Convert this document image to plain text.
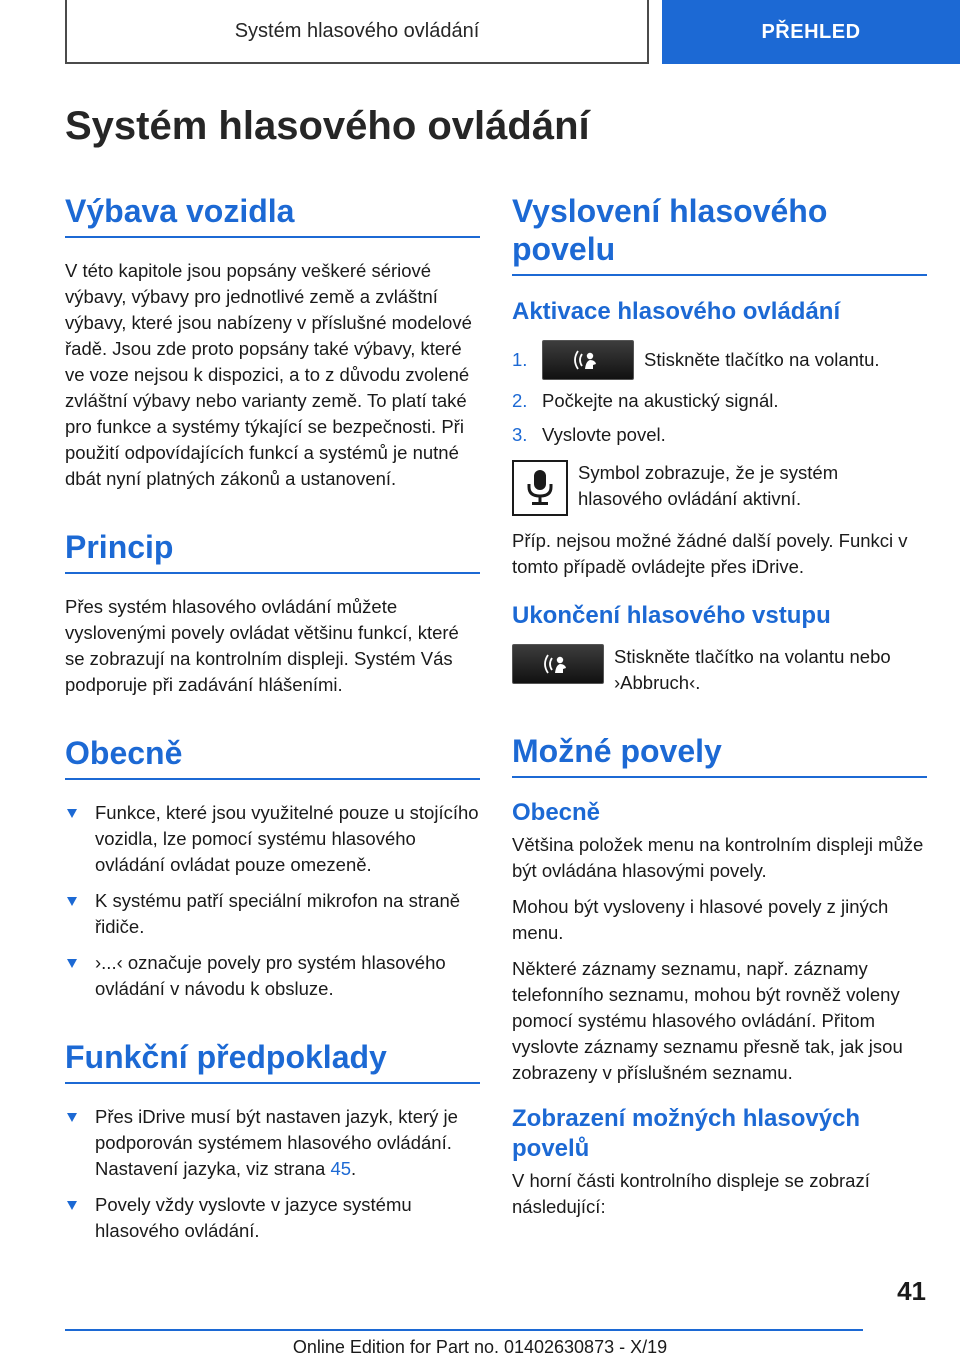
Systém hlasového ovládání	PŘEHLED
Systém hlasového ovládání
Výbava vozidla

V této kapitole jsou popsány veškeré sériové výbavy, výbavy pro jednotlivé země a zvláštní výbavy, které jsou nabízeny v příslušné modelové řadě. Jsou zde proto popsány také výbavy, které ve voze nejsou k dispozici, a to z důvodu zvolené zvláštní výbavy nebo varianty země. To platí také pro funkce a systémy týkající se bezpečnosti. Při použití odpovídajících funkcí a systémů je nutné dbát nyní platných zákonů a ustanovení.

Princip

Přes systém hlasového ovládání můžete vyslovenými povely ovládat většinu funkcí, které se zobrazují na kontrolním displeji. Systém Vás podporuje při zadávání hlášeními.

Obecně
Funkce, které jsou využitelné pouze u stojícího vozidla, lze pomocí systému hlasového ovládání ovládat pouze omezeně.
K systému patří speciální mikrofon na straně řidiče.
›...‹ označuje povely pro systém hlasového ovládání v návodu k obsluze.
Funkční předpoklady
Přes iDrive musí být nastaven jazyk, který je podporován systémem hlasového ovládání. Nastavení jazyka, viz strana 45.
Povely vždy vyslovte v jazyce systému hlasového ovládání.
Vyslovení hlasového povelu
Aktivace hlasového ovládání
1.	Stiskněte tlačítko na volantu.
2. Počkejte na akustický signál.
3. Vyslovte povel.

Symbol zobrazuje, že je systém hlasového ovládání aktivní.

Příp. nejsou možné žádné další povely. Funkci v tomto případě ovládejte přes iDrive.

Ukončení hlasového vstupu

Stiskněte tlačítko na volantu nebo ›Abbruch‹.

Možné povely
Obecně

Většina položek menu na kontrolním displeji může být ovládána hlasovými povely.

Mohou být vysloveny i hlasové povely z jiných menu.

Některé záznamy seznamu, např. záznamy telefonního seznamu, mohou být rovněž voleny pomocí systému hlasového ovládání. Přitom vyslovte záznamy seznamu přesně tak, jak jsou zobrazeny v příslušném seznamu.

Zobrazení možných hlasových povelů

V horní části kontrolního displeje se zobrazí následující:

41
Online Edition for Part no. 01402630873 - X/19
